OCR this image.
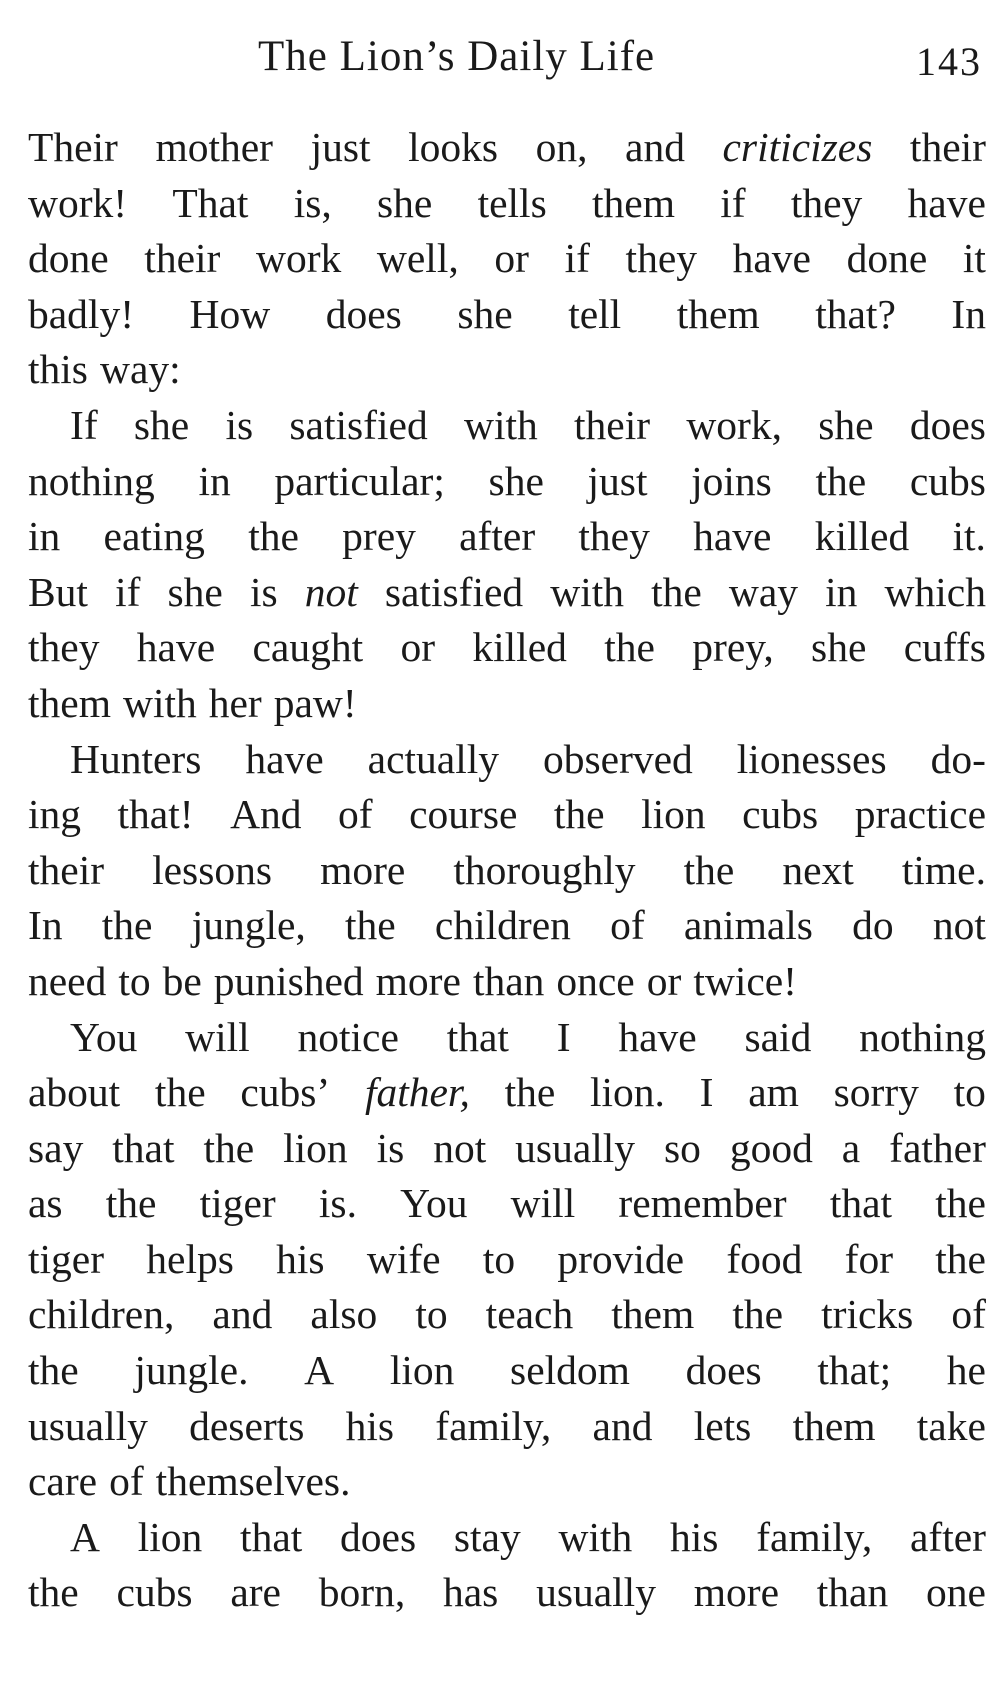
The Lion’s Daily Life	143
Their mother just looks on, and criticizes their
work! That is, she tells them if they have
done their work well, or if they have done it
badly! How does she tell them that? In
this way:
If she is satisfied with their work, she does
nothing in particular; she just joins the cubs
in eating the prey after they have killed it.
But if she is not satisfied with the way in which
they have caught or killed the prey, she cuffs
them with her paw!
Hunters have actually observed lionesses do-
ing that! And of course the lion cubs practice
their lessons more thoroughly the next time.
In the jungle, the children of animals do not
need to be punished more than once or twice!
You will notice that I have said nothing
about the cubs’ father, the lion. I am sorry to
say that the lion is not usually so good a father
as the tiger is. You will remember that the
tiger helps his wife to provide food for the
children, and also to teach them the tricks of
the jungle. A lion seldom does that; he
usually deserts his family, and lets them take
care of themselves.
A lion that does stay with his family, after
the cubs are born, has usually more than one
